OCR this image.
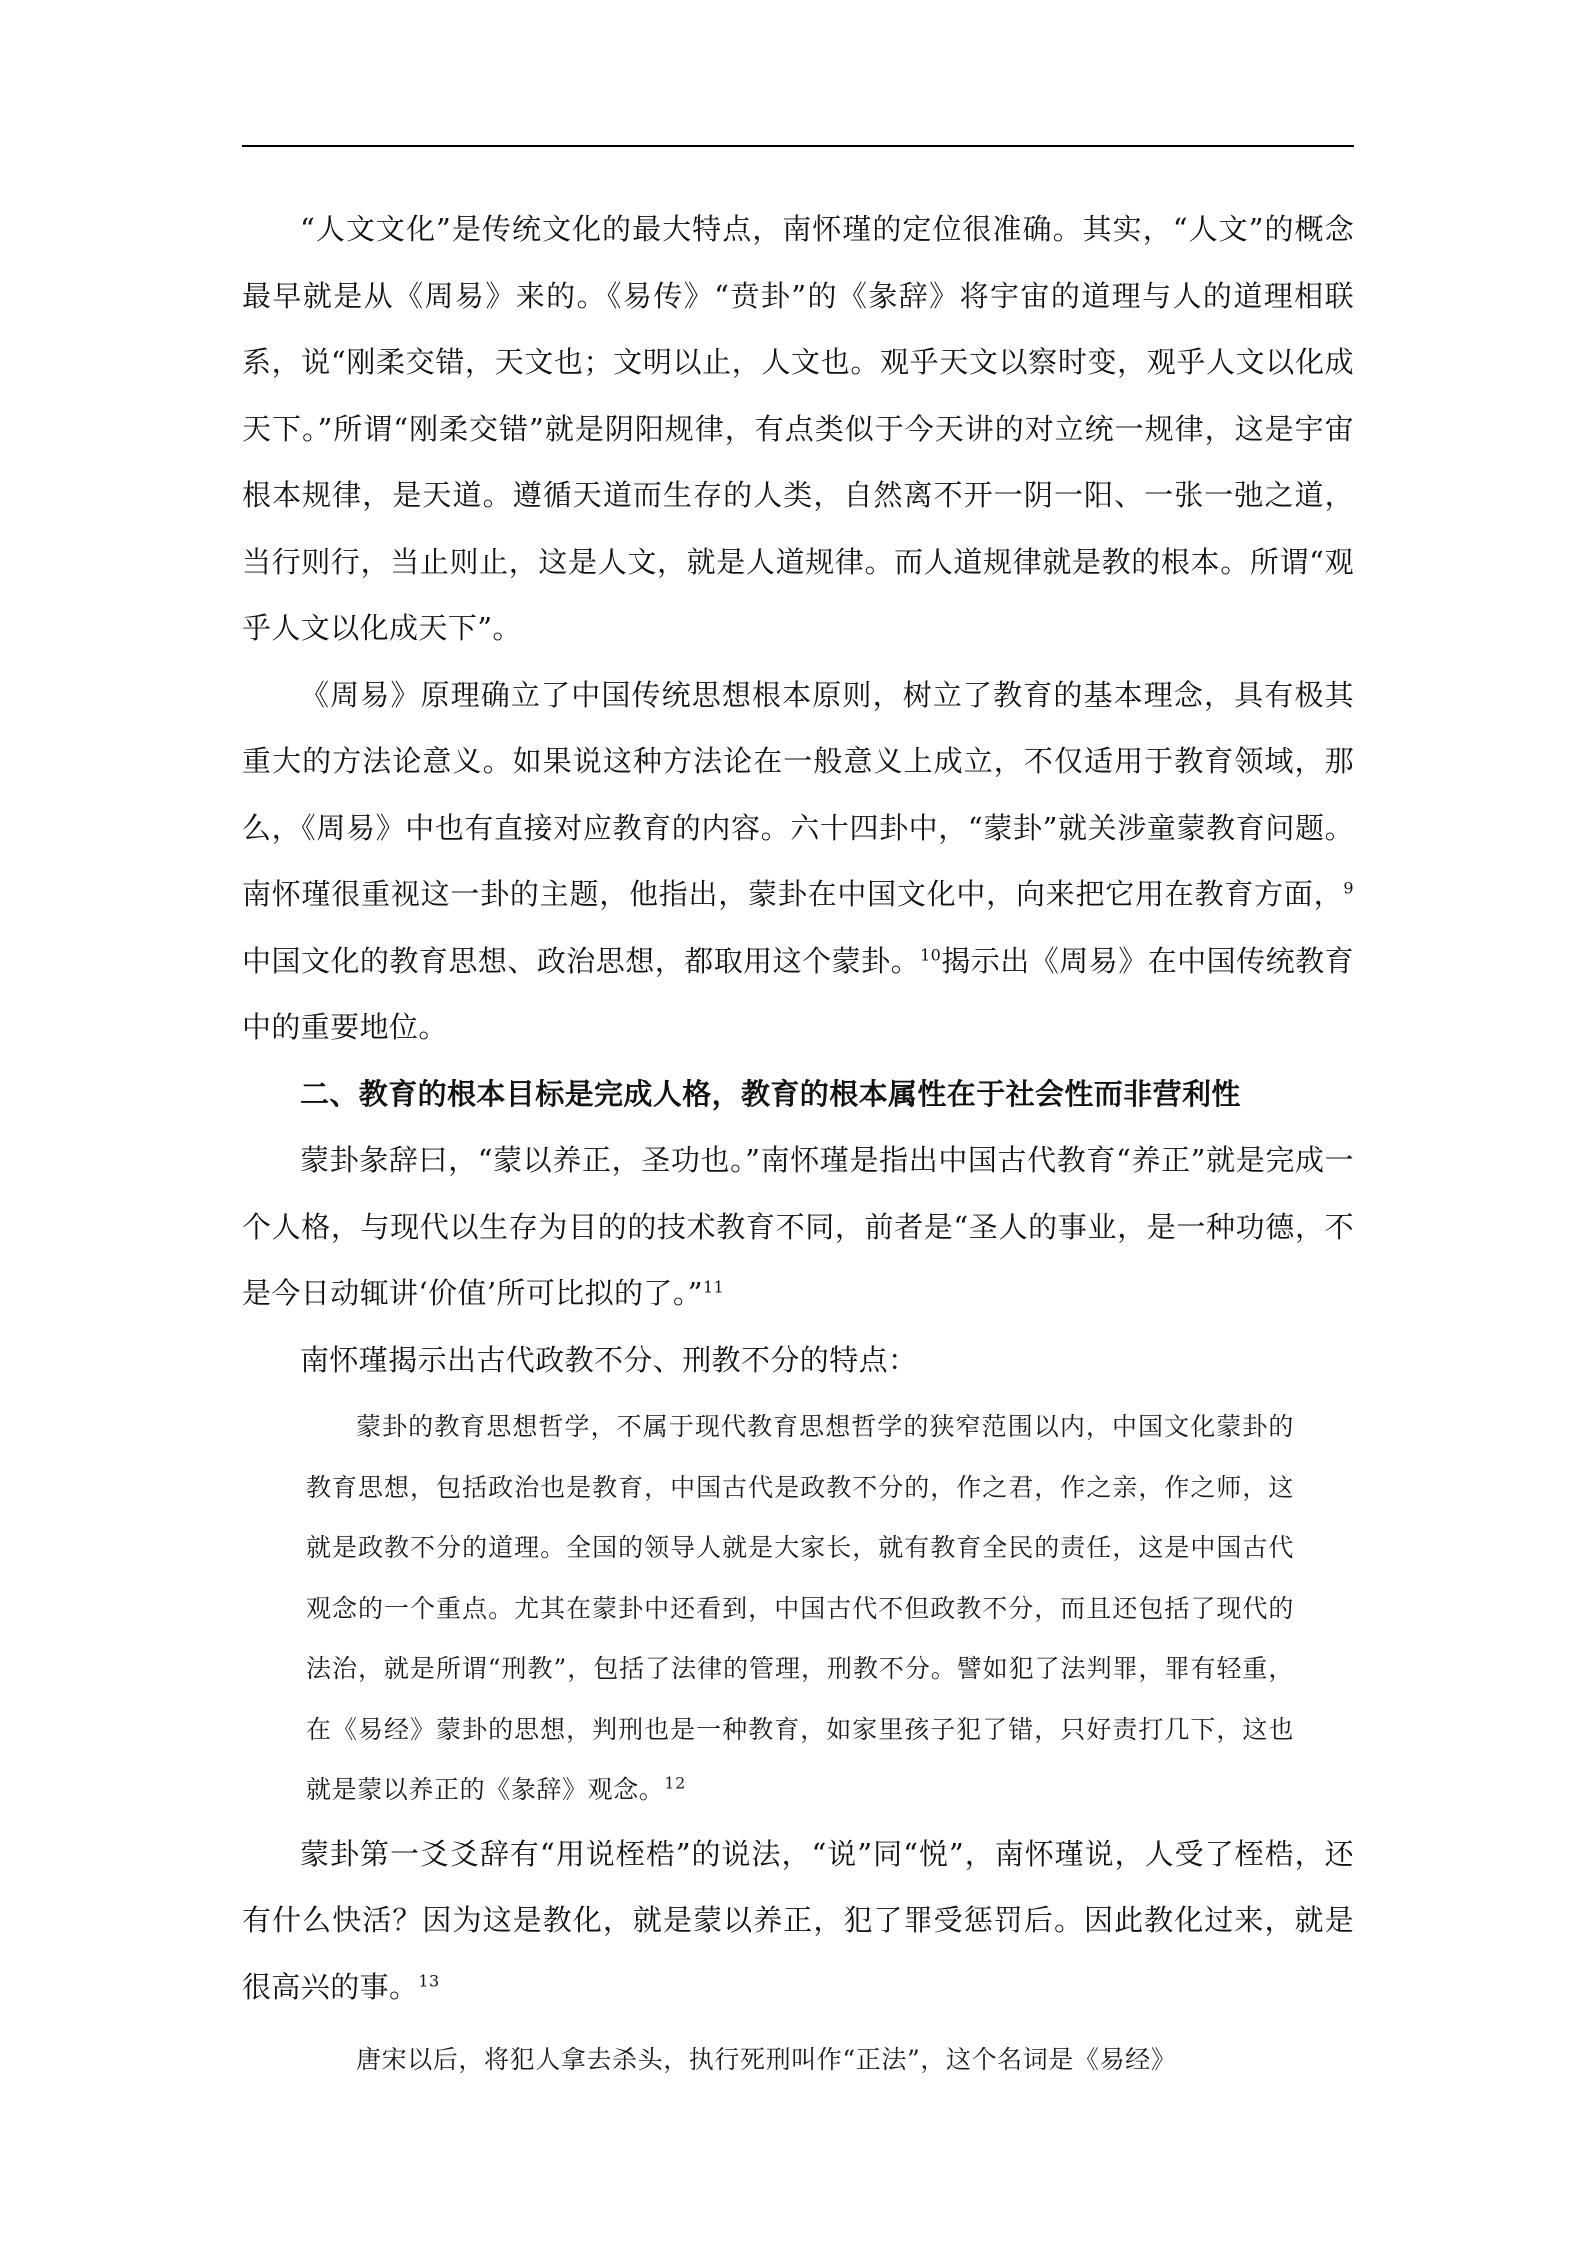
“人文文化”是传统文化的最大特点，南怀瑾的定位很准确。其实，“人文”的概念最早就是从《周易》来的。《易传》“贲卦”的《彖辞》将宇宙的道理与人的道理相联系，说“刚柔交错，天文也；文明以止，人文也。观乎天文以察时变，观乎人文以化成天下。”所谓“刚柔交错”就是阴阳规律，有点类似于今天讲的对立统一规律，这是宇宙根本规律，是天道。遵循天道而生存的人类，自然离不开一阴一阳、一张一弛之道，当行则行，当止则止，这是人文，就是人道规律。而人道规律就是教的根本。所谓“观乎人文以化成天下”。

《周易》原理确立了中国传统思想根本原则，树立了教育的基本理念，具有极其重大的方法论意义。如果说这种方法论在一般意义上成立，不仅适用于教育领域，那么，《周易》中也有直接对应教育的内容。六十四卦中，“蒙卦”就关涉童蒙教育问题。南怀瑾很重视这一卦的主题，他指出，蒙卦在中国文化中，向来把它用在教育方面，$^9$中国文化的教育思想、政治思想，都取用这个蒙卦。$^{10}$揭示出《周易》在中国传统教育中的重要地位。

二、教育的根本目标是完成人格，教育的根本属性在于社会性而非营利性

蒙卦彖辞曰，“蒙以养正，圣功也。”南怀瑾是指出中国古代教育“养正”就是完成一个人格，与现代以生存为目的的技术教育不同，前者是“圣人的事业，是一种功德，不是今日动辄讲‘价值’所可比拟的了。”$^{11}$

南怀瑾揭示出古代政教不分、刑教不分的特点：

蒙卦的教育思想哲学，不属于现代教育思想哲学的狭窄范围以内，中国文化蒙卦的教育思想，包括政治也是教育，中国古代是政教不分的，作之君，作之亲，作之师，这就是政教不分的道理。全国的领导人就是大家长，就有教育全民的责任，这是中国古代观念的一个重点。尤其在蒙卦中还看到，中国古代不但政教不分，而且还包括了现代的法治，就是所谓“刑教”，包括了法律的管理，刑教不分。譬如犯了法判罪，罪有轻重，在《易经》蒙卦的思想，判刑也是一种教育，如家里孩子犯了错，只好责打几下，这也就是蒙以养正的《彖辞》观念。$^{12}$

蒙卦第一爻爻辞有“用说桎梏”的说法，“说”同“悦”，南怀瑾说，人受了桎梏，还有什么快活？因为这是教化，就是蒙以养正，犯了罪受惩罚后。因此教化过来，就是很高兴的事。$^{13}$

唐宋以后，将犯人拿去杀头，执行死刑叫作“正法”，这个名词是《易经》
